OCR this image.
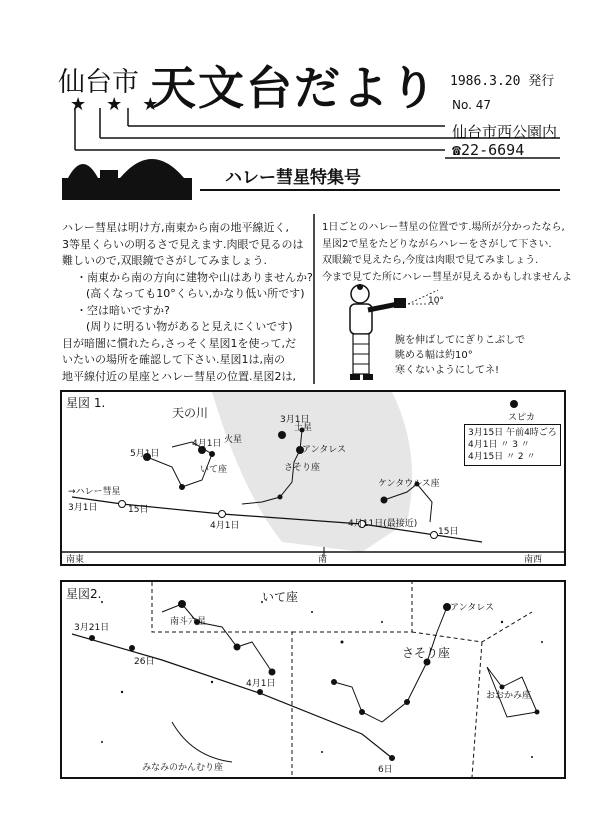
仙台市 天文台だより
★★★
1986.3.20 発行
No. 47
仙台市西公園内
☎22-6694
ハレー彗星特集号
ハレー彗星は明け方,南東から南の地平線近く,
3等星くらいの明るさで見えます.肉眼で見るのは
難しいので,双眼鏡でさがしてみましょう.
・南東から南の方向に建物や山はありませんか?
(高くなっても10°くらい,かなり低い所です)
・空は暗いですか?
(周りに明るい物があると見えにくいです)
目が暗闇に慣れたら,さっそく星図1を使って,だ
いたいの場所を確認して下さい.星図1は,南の
地平線付近の星座とハレー彗星の位置.星図2は,
1日ごとのハレー彗星の位置です.場所が分かったなら,
星図2で星をたどりながらハレーをさがして下さい.
双眼鏡で見えたら,今度は肉眼で見てみましょう.
今まで見てた所にハレー彗星が見えるかもしれませんよ
10°
腕を伸ばしてにぎりこぶしで
眺める幅は約10°
寒くないようにしてネ!
星図 1.
天の川
いて座	さそり座
ケンタウルス座
火星
土星
アンタレス
スピカ
→ハレー彗星
3月1日	15日
4月1日	4月11日(最接近)
15日
3月1日
4月1日
5月1日
南東	南	南西
3月15日 午前4時ごろ
4月1日 〃 3 〃
4月15日 〃 2 〃
星図2.	いて座
さそり座
南斗六星
おおかみ座
みなみのかんむり座
アンタレス
3月21日
26日
4月1日
6日
